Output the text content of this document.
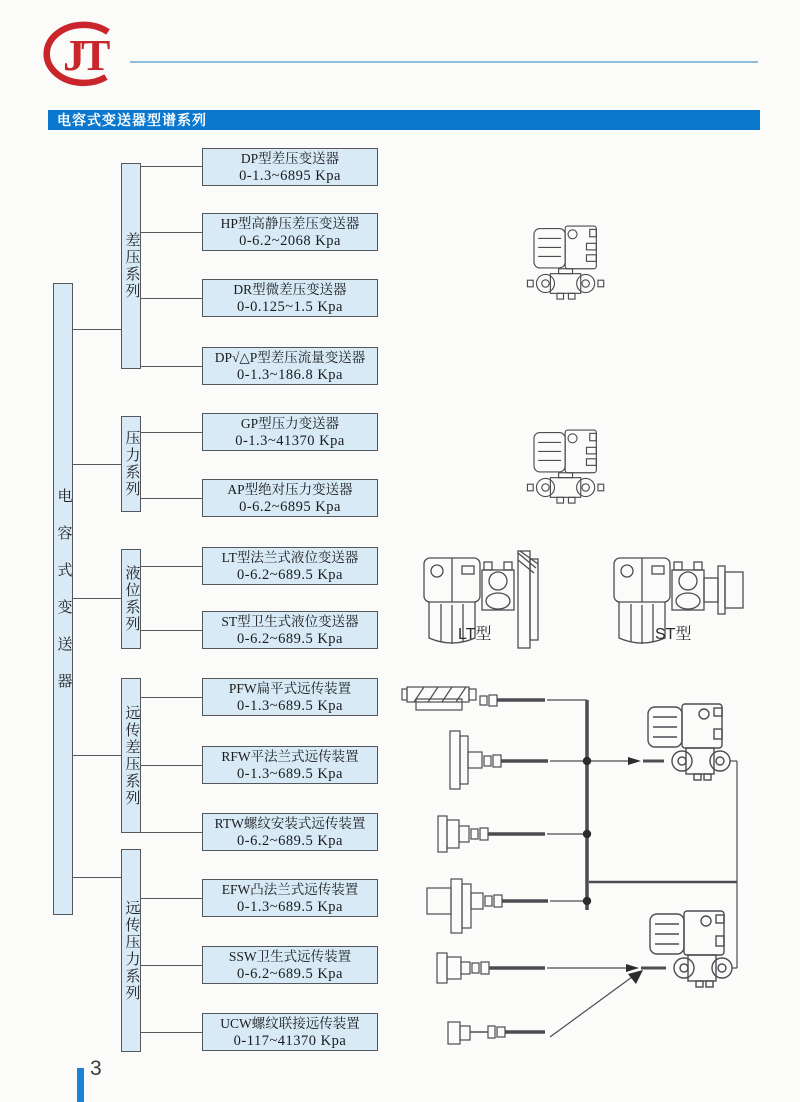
JT
电容式变送器型谱系列
电容式变送器
差压系列
压力系列
液位系列
远传差压系列
远传压力系列
DP型差压变送器
0-1.3~6895 Kpa
HP型高静压差压变送器
0-6.2~2068 Kpa
DR型微差压变送器
0-0.125~1.5 Kpa
DP√△P型差压流量变送器
0-1.3~186.8 Kpa
GP型压力变送器
0-1.3~41370 Kpa
AP型绝对压力变送器
0-6.2~6895 Kpa
LT型法兰式液位变送器
0-6.2~689.5 Kpa
ST型卫生式液位变送器
0-6.2~689.5 Kpa
PFW扁平式远传装置
0-1.3~689.5 Kpa
RFW平法兰式远传装置
0-1.3~689.5 Kpa
RTW螺纹安装式远传装置
0-6.2~689.5 Kpa
EFW凸法兰式远传装置
0-1.3~689.5 Kpa
SSW卫生式远传装置
0-6.2~689.5 Kpa
UCW螺纹联接远传装置
0-117~41370 Kpa
LT型	ST型
3
